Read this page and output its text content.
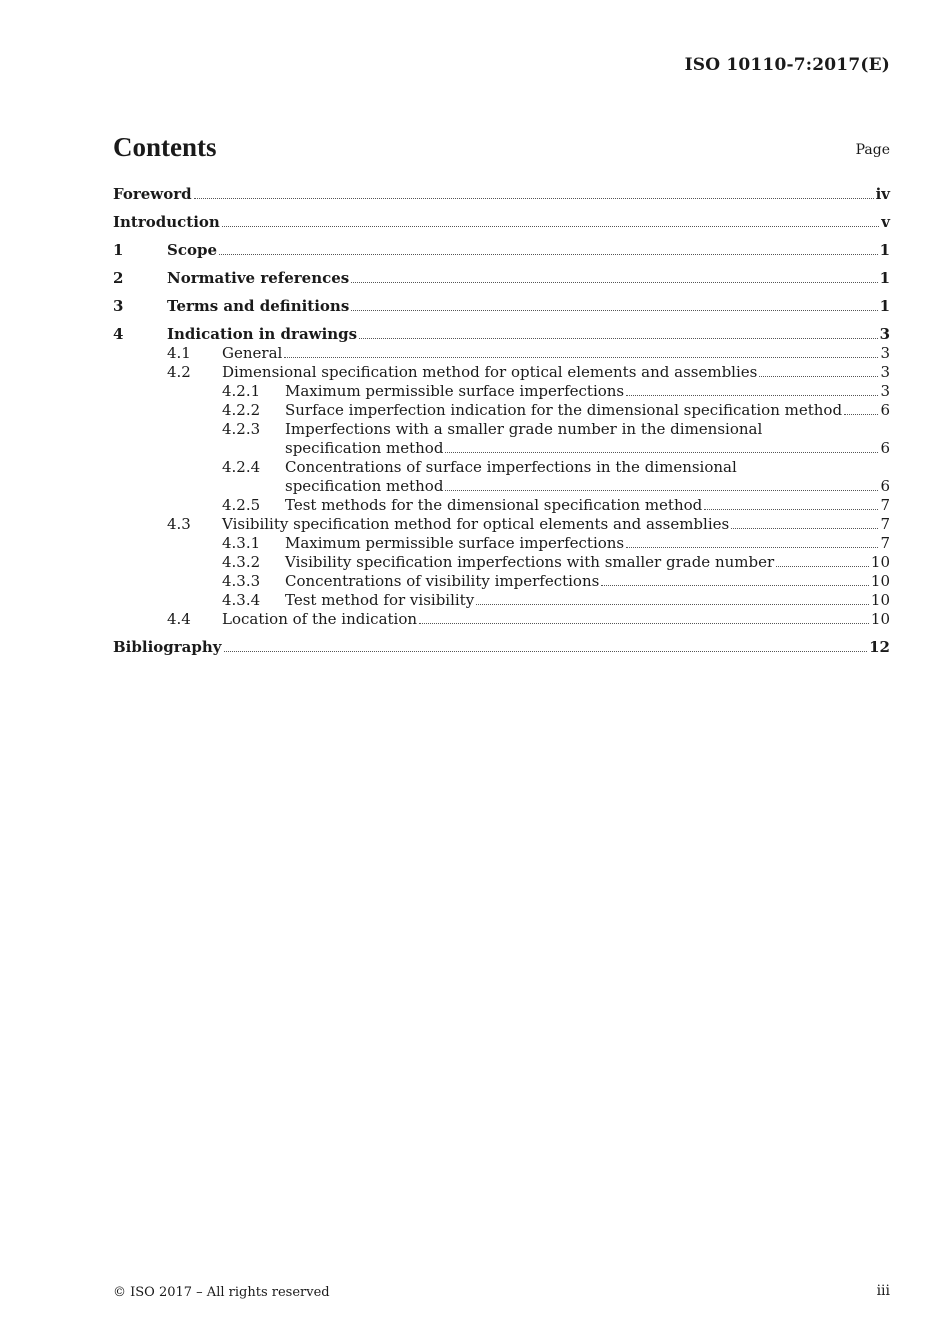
ISO 10110-7:2017(E)
Contents	Page
Foreword	iv
Introduction	v
1	Scope	1
2	Normative references	1
3	Terms and definitions	1
4	Indication in drawings	3
4.1 General	3
4.2 Dimensional specification method for optical elements and assemblies	3
4.2.1 Maximum permissible surface imperfections	3
4.2.2 Surface imperfection indication for the dimensional specification method	6
4.2.3 Imperfections with a smaller grade number in the dimensional
specification method	6
4.2.4 Concentrations of surface imperfections in the dimensional
specification method	6
4.2.5 Test methods for the dimensional specification method	7
4.3 Visibility specification method for optical elements and assemblies	7
4.3.1 Maximum permissible surface imperfections	7
4.3.2 Visibility specification imperfections with smaller grade number	10
4.3.3 Concentrations of visibility imperfections	10
4.3.4 Test method for visibility	10
4.4 Location of the indication	10
Bibliography	12
© ISO 2017 – All rights reserved	iii
